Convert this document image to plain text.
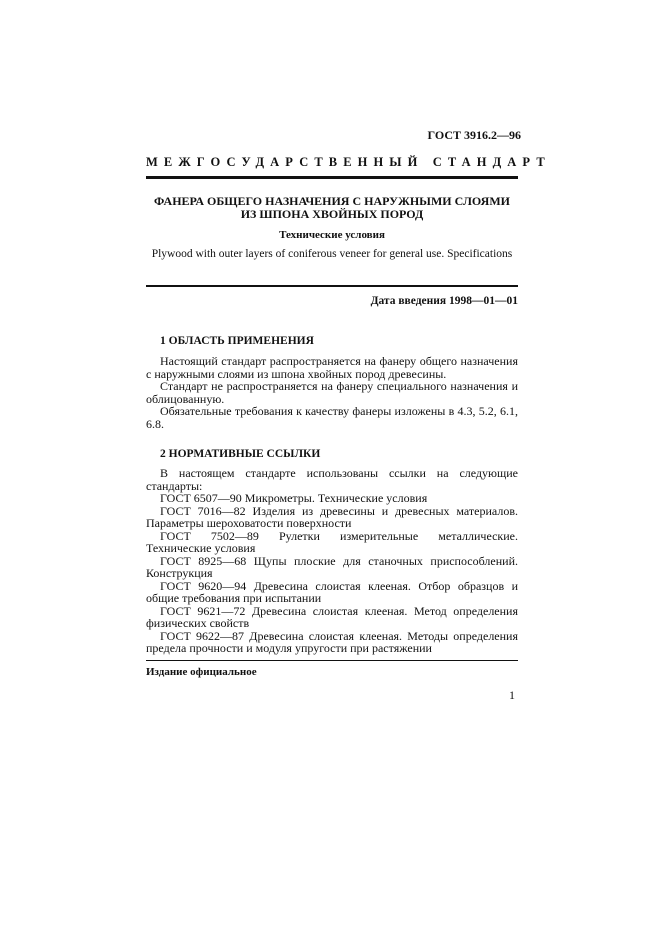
ГОСТ 3916.2—96
МЕЖГОСУДАРСТВЕННЫЙ СТАНДАРТ
ФАНЕРА ОБЩЕГО НАЗНАЧЕНИЯ С НАРУЖНЫМИ СЛОЯМИ
ИЗ ШПОНА ХВОЙНЫХ ПОРОД
Технические условия
Plywood with outer layers of coniferous veneer for general use. Specifications
Дата введения 1998—01—01
1 ОБЛАСТЬ ПРИМЕНЕНИЯ

Настоящий стандарт распространяется на фанеру общего назначения с наружными слоями из шпона хвойных пород древесины.

Стандарт не распространяется на фанеру специального назначения и облицованную.

Обязательные требования к качеству фанеры изложены в 4.3, 5.2, 6.1, 6.8.

2 НОРМАТИВНЫЕ ССЫЛКИ

В настоящем стандарте использованы ссылки на следующие стандарты:

ГОСТ 6507—90 Микрометры. Технические условия

ГОСТ 7016—82 Изделия из древесины и древесных материалов. Параметры шероховатости поверхности

ГОСТ 7502—89 Рулетки измерительные металлические. Технические условия

ГОСТ 8925—68 Щупы плоские для станочных приспособлений. Конструкция

ГОСТ 9620—94 Древесина слоистая клееная. Отбор образцов и общие требования при испытании

ГОСТ 9621—72 Древесина слоистая клееная. Метод определения физических свойств

ГОСТ 9622—87 Древесина слоистая клееная. Методы определения предела прочности и модуля упругости при растяжении

Издание официальное
1
